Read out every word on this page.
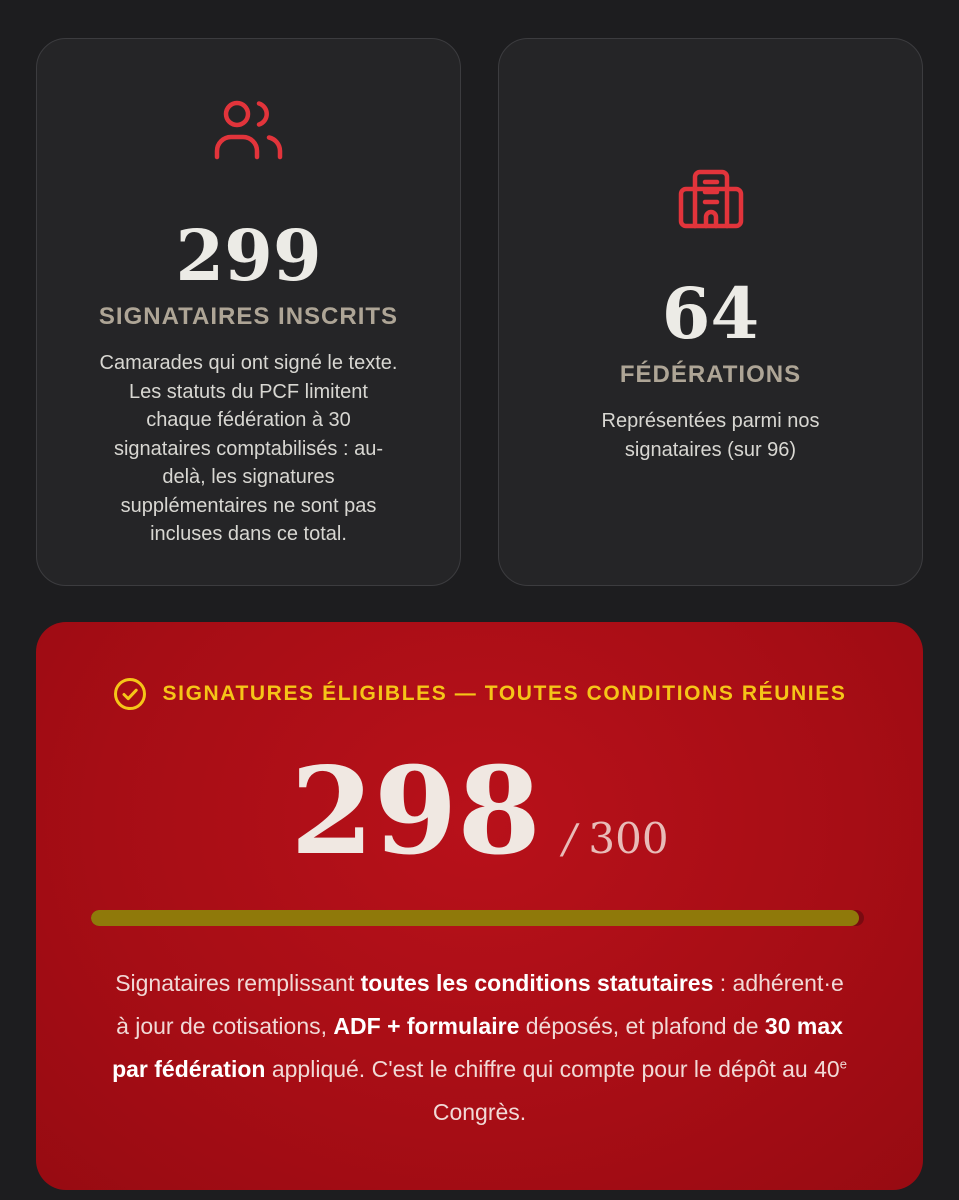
299
SIGNATAIRES INSCRITS
Camarades qui ont signé le texte. Les statuts du PCF limitent chaque fédération à 30 signataires comptabilisés : au-delà, les signatures supplémentaires ne sont pas incluses dans ce total.
64
FÉDÉRATIONS
Représentées parmi nos signataires (sur 96)
SIGNATURES ÉLIGIBLES — TOUTES CONDITIONS RÉUNIES
298 / 300
Signataires remplissant toutes les conditions statutaires : adhérent·e à jour de cotisations, ADF + formulaire déposés, et plafond de 30 max par fédération appliqué. C'est le chiffre qui compte pour le dépôt au 40e Congrès.
